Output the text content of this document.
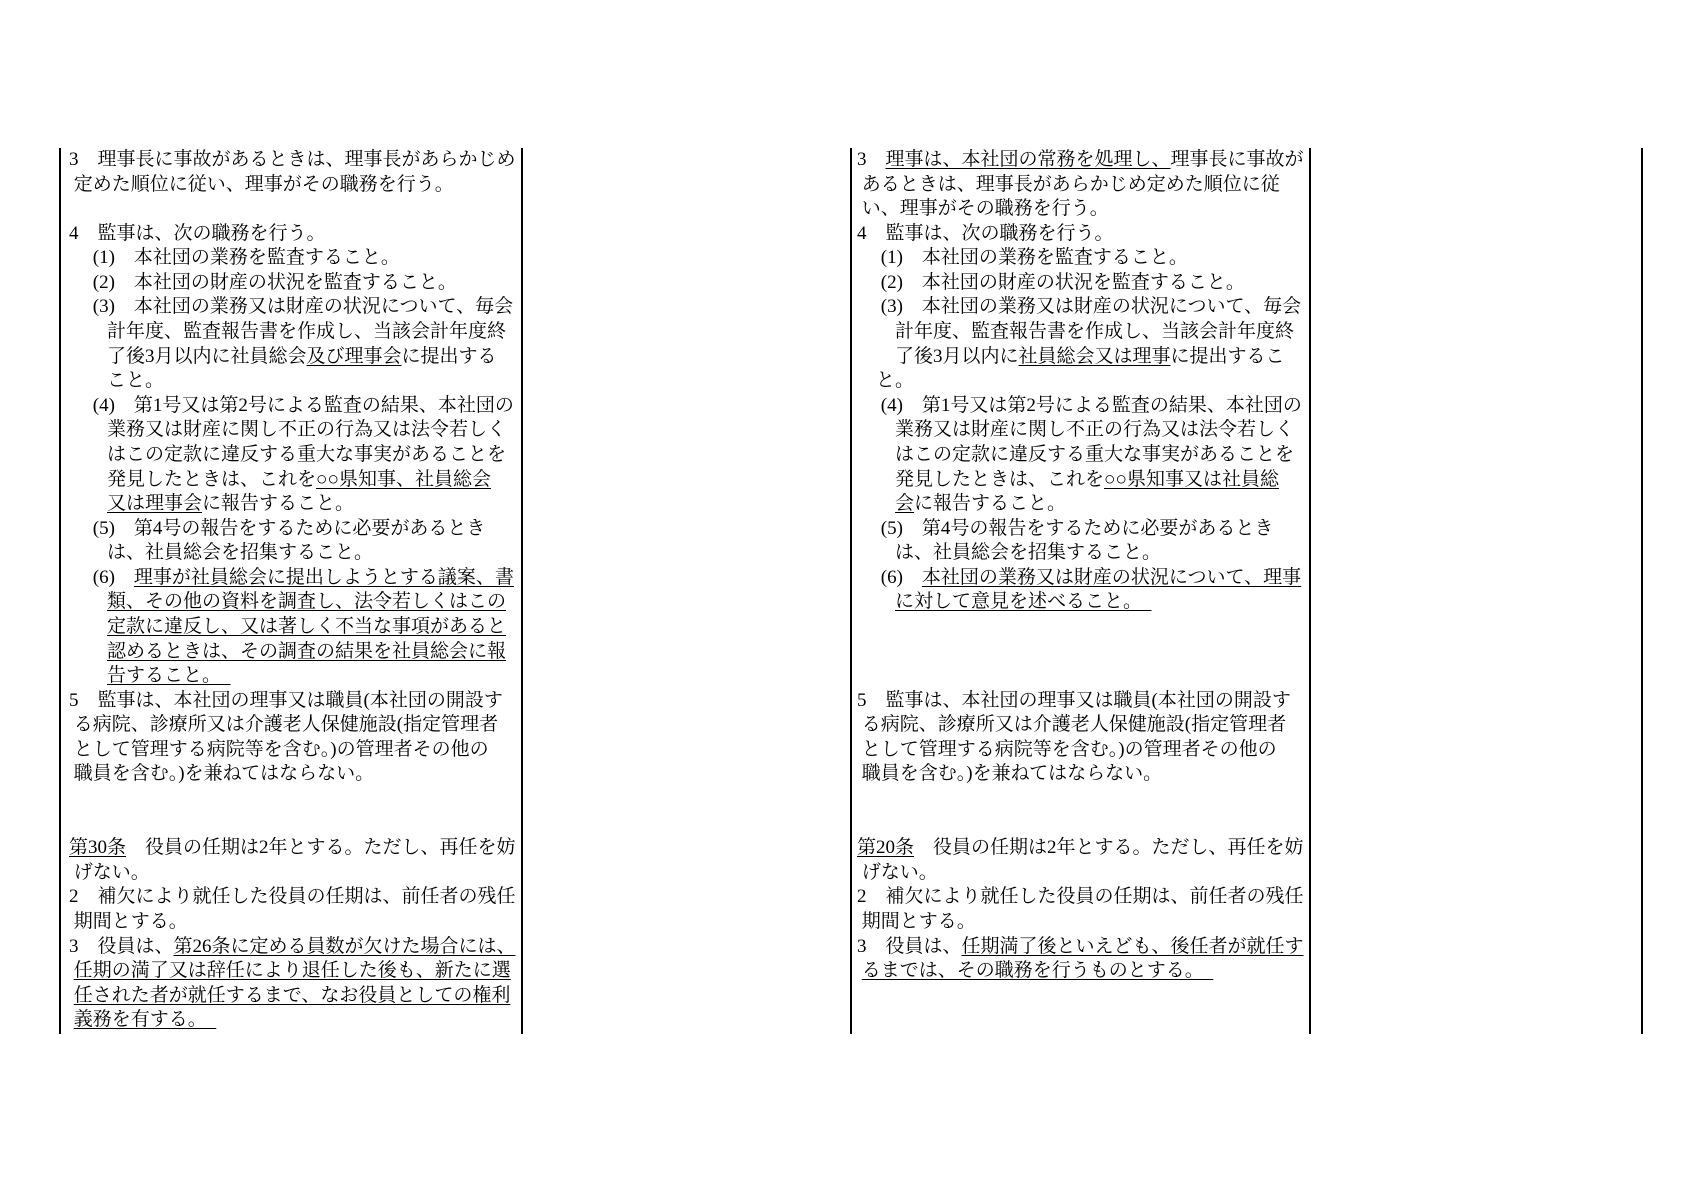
3　理事長に事故があるときは、理事長があらかじめ
定めた順位に従い、理事がその職務を行う。

4　監事は、次の職務を行う。
　 (1)　本社団の業務を監査すること。
　 (2)　本社団の財産の状況を監査すること。
　 (3)　本社団の業務又は財産の状況について、毎会
　　計年度、監査報告書を作成し、当該会計年度終
　　了後3月以内に社員総会及び理事会に提出する
　　こと。
　 (4)　第1号又は第2号による監査の結果、本社団の
　　業務又は財産に関し不正の行為又は法令若しく
　　はこの定款に違反する重大な事実があることを
　　発見したときは、これを○○県知事、社員総会
　　又は理事会に報告すること。
　 (5)　第4号の報告をするために必要があるとき
　　は、社員総会を招集すること。
　 (6)　理事が社員総会に提出しようとする議案、書
　　類、その他の資料を調査し、法令若しくはこの
　　定款に違反し、又は著しく不当な事項があると
　　認めるときは、その調査の結果を社員総会に報
　　告すること。　
5　監事は、本社団の理事又は職員(本社団の開設す
る病院、診療所又は介護老人保健施設(指定管理者
として管理する病院等を含む。)の管理者その他の
職員を含む。)を兼ねてはならない。

第30条　役員の任期は2年とする。ただし、再任を妨
げない。
2　補欠により就任した役員の任期は、前任者の残任
期間とする。
3　役員は、第26条に定める員数が欠けた場合には、
任期の満了又は辞任により退任した後も、新たに選
任された者が就任するまで、なお役員としての権利
義務を有する。　
3　理事は、本社団の常務を処理し、理事長に事故が
あるときは、理事長があらかじめ定めた順位に従
い、理事がその職務を行う。
4　監事は、次の職務を行う。
　 (1)　本社団の業務を監査すること。
　 (2)　本社団の財産の状況を監査すること。
　 (3)　本社団の業務又は財産の状況について、毎会
　　計年度、監査報告書を作成し、当該会計年度終
　　了後3月以内に社員総会又は理事に提出するこ
　と。
　 (4)　第1号又は第2号による監査の結果、本社団の
　　業務又は財産に関し不正の行為又は法令若しく
　　はこの定款に違反する重大な事実があることを
　　発見したときは、これを○○県知事又は社員総
　　会に報告すること。
　 (5)　第4号の報告をするために必要があるとき
　　は、社員総会を招集すること。
　 (6)　本社団の業務又は財産の状況について、理事
　　に対して意見を述べること。　

5　監事は、本社団の理事又は職員(本社団の開設す
る病院、診療所又は介護老人保健施設(指定管理者
として管理する病院等を含む。)の管理者その他の
職員を含む。)を兼ねてはならない。

第20条　役員の任期は2年とする。ただし、再任を妨
げない。
2　補欠により就任した役員の任期は、前任者の残任
期間とする。
3　役員は、任期満了後といえども、後任者が就任す
るまでは、その職務を行うものとする。　
